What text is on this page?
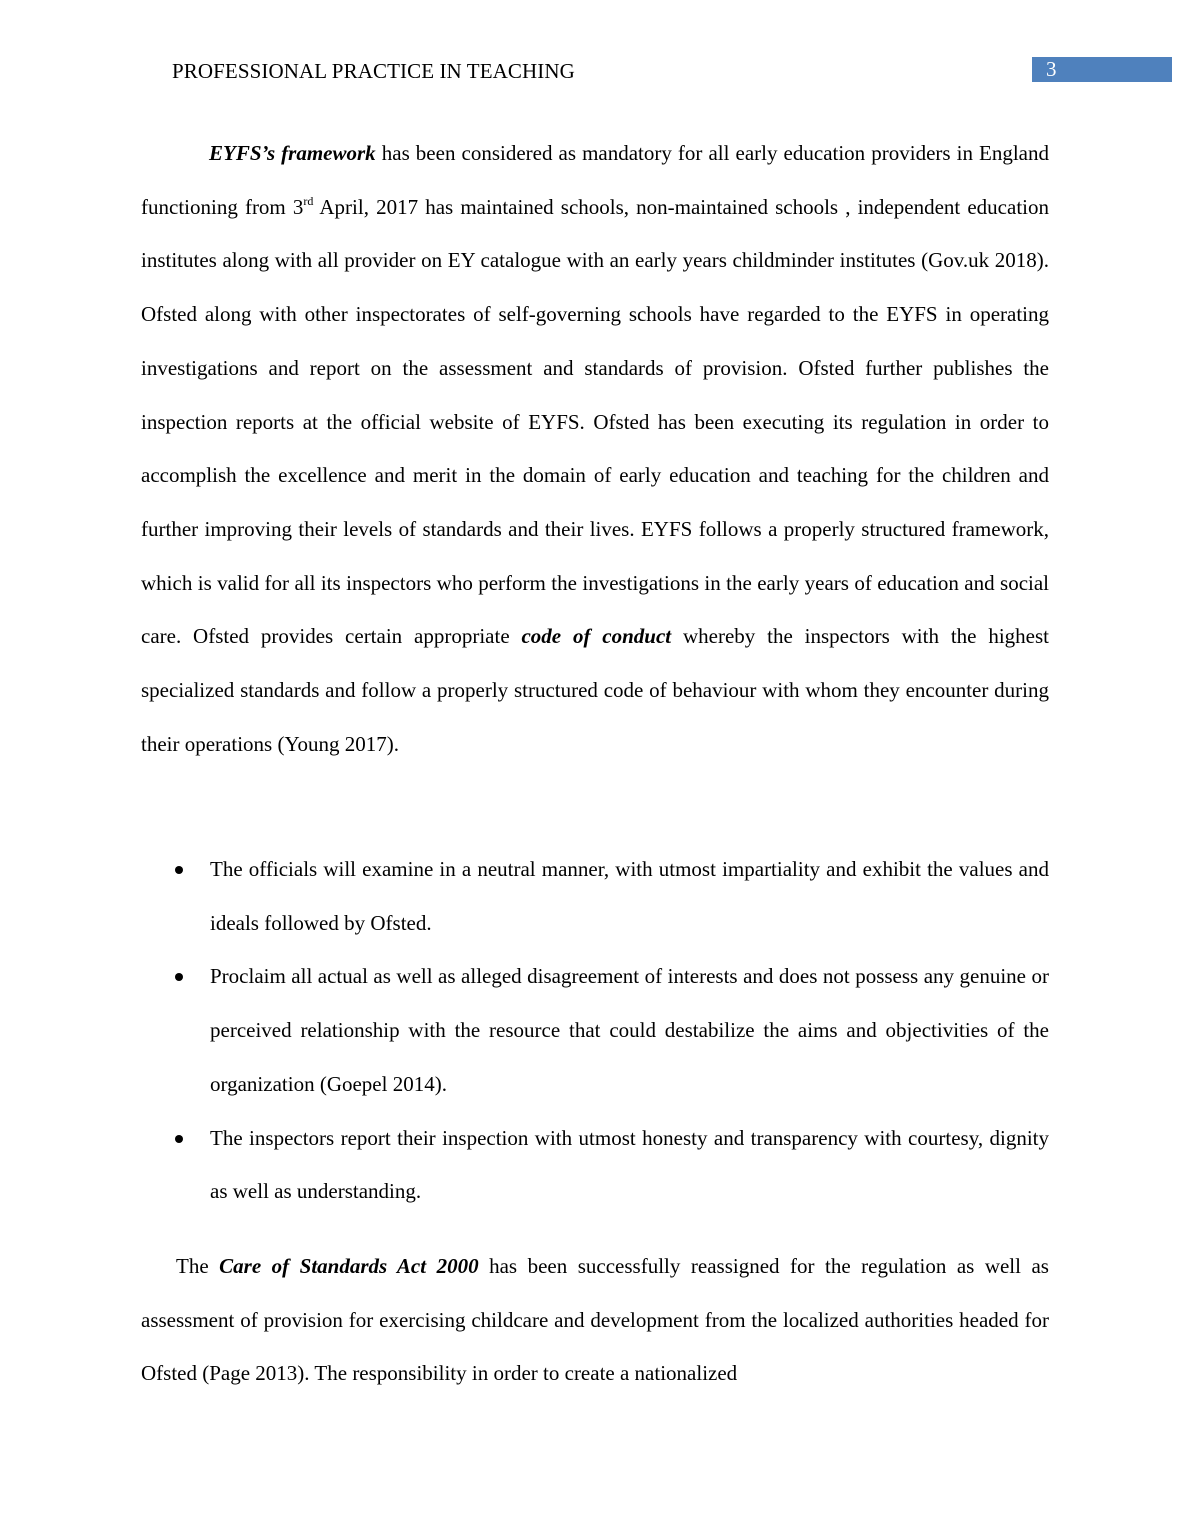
PROFESSIONAL PRACTICE IN TEACHING	3

EYFS’s framework has been considered as mandatory for all early education providers in England functioning from 3rd April, 2017 has maintained schools, non-maintained schools , independent education institutes along with all provider on EY catalogue with an early years childminder institutes (Gov.uk 2018). Ofsted along with other inspectorates of self-governing schools have regarded to the EYFS in operating investigations and report on the assessment and standards of provision. Ofsted further publishes the inspection reports at the official website of EYFS. Ofsted has been executing its regulation in order to accomplish the excellence and merit in the domain of early education and teaching for the children and further improving their levels of standards and their lives. EYFS follows a properly structured framework, which is valid for all its inspectors who perform the investigations in the early years of education and social care. Ofsted provides certain appropriate code of conduct whereby the inspectors with the highest specialized standards and follow a properly structured code of behaviour with whom they encounter during their operations (Young 2017).

The officials will examine in a neutral manner, with utmost impartiality and exhibit the values and ideals followed by Ofsted.
Proclaim all actual as well as alleged disagreement of interests and does not possess any genuine or perceived relationship with the resource that could destabilize the aims and objectivities of the organization (Goepel 2014).
The inspectors report their inspection with utmost honesty and transparency with courtesy, dignity as well as understanding.

The Care of Standards Act 2000 has been successfully reassigned for the regulation as well as assessment of provision for exercising childcare and development from the localized authorities headed for Ofsted (Page 2013). The responsibility in order to create a nationalized
